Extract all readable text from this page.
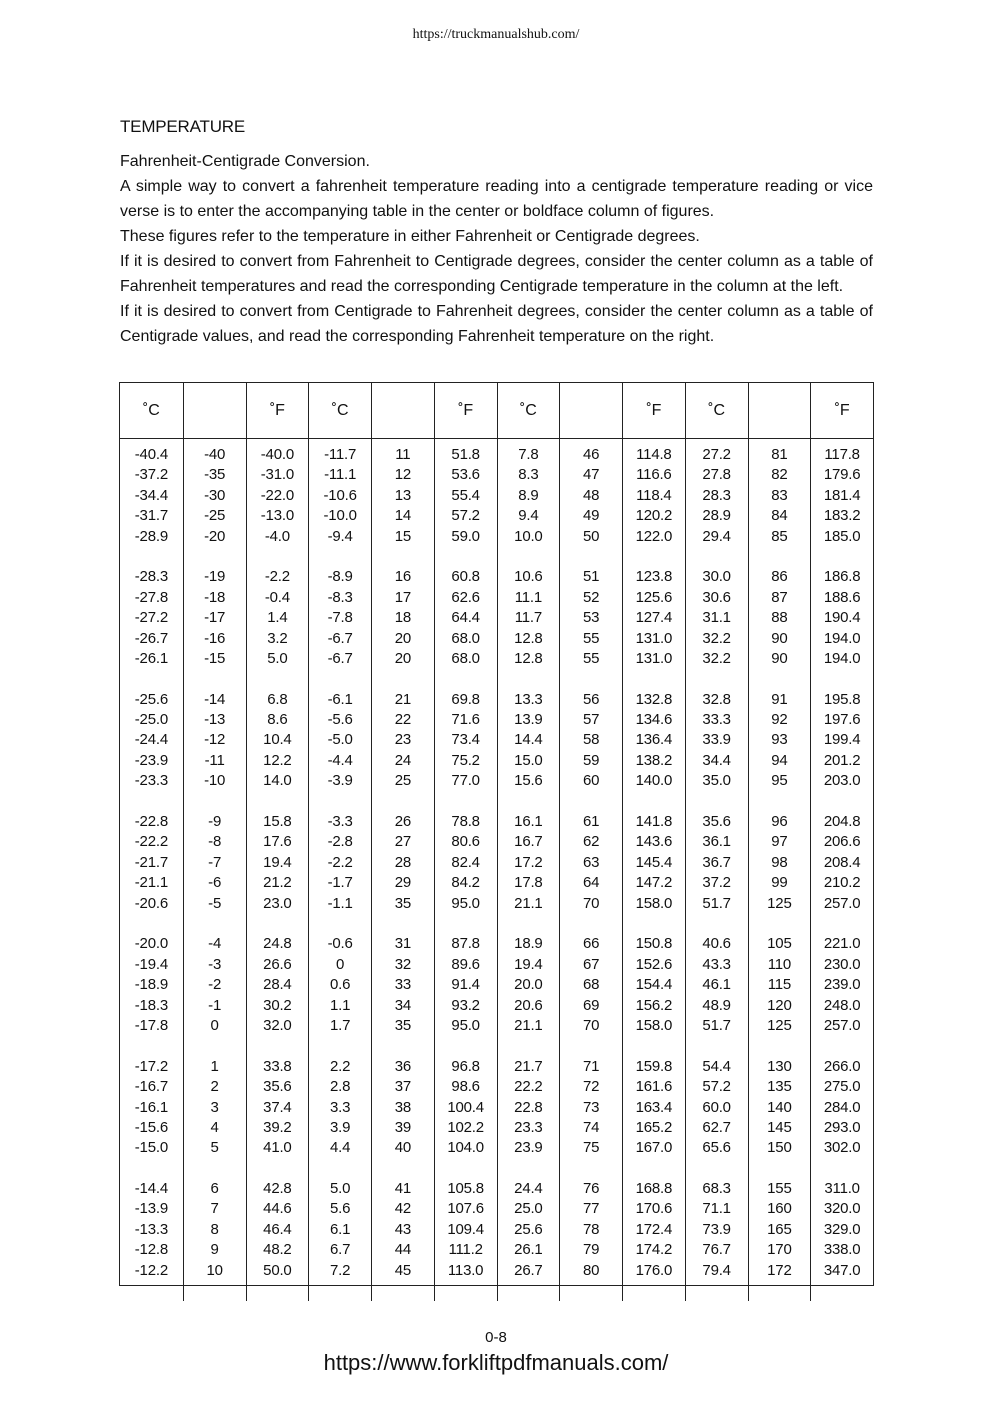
https://truckmanualshub.com/
TEMPERATURE

Fahrenheit-Centigrade Conversion.

A simple way to convert a fahrenheit temperature reading into a centigrade temperature reading or vice verse is to enter the accompanying table in the center or boldface column of figures.

These figures refer to the temperature in either Fahrenheit or Centigrade degrees.

If it is desired to convert from Fahrenheit to Centigrade degrees, consider the center column as a table of Fahrenheit temperatures and read the corresponding Centigrade temperature in the column at the left.

If it is desired to convert from Centigrade to Fahrenheit degrees, consider the center column as a table of Centigrade values, and read the corresponding Fahrenheit temperature on the right.

˚C
-40.4
-37.2
-34.4
-31.7
-28.9
-28.3
-27.8
-27.2
-26.7
-26.1
-25.6
-25.0
-24.4
-23.9
-23.3
-22.8
-22.2
-21.7
-21.1
-20.6
-20.0
-19.4
-18.9
-18.3
-17.8
-17.2
-16.7
-16.1
-15.6
-15.0
-14.4
-13.9
-13.3
-12.8
-12.2
-40
-35
-30
-25
-20
-19
-18
-17
-16
-15
-14
-13
-12
-11
-10
-9
-8
-7
-6
-5
-4
-3
-2
-1
0
1
2
3
4
5
6
7
8
9
10
˚F
-40.0
-31.0
-22.0
-13.0
-4.0
-2.2
-0.4
1.4
3.2
5.0
6.8
8.6
10.4
12.2
14.0
15.8
17.6
19.4
21.2
23.0
24.8
26.6
28.4
30.2
32.0
33.8
35.6
37.4
39.2
41.0
42.8
44.6
46.4
48.2
50.0
˚C
-11.7
-11.1
-10.6
-10.0
-9.4
-8.9
-8.3
-7.8
-6.7
-6.7
-6.1
-5.6
-5.0
-4.4
-3.9
-3.3
-2.8
-2.2
-1.7
-1.1
-0.6
0
0.6
1.1
1.7
2.2
2.8
3.3
3.9
4.4
5.0
5.6
6.1
6.7
7.2
11
12
13
14
15
16
17
18
20
20
21
22
23
24
25
26
27
28
29
35
31
32
33
34
35
36
37
38
39
40
41
42
43
44
45
˚F
51.8
53.6
55.4
57.2
59.0
60.8
62.6
64.4
68.0
68.0
69.8
71.6
73.4
75.2
77.0
78.8
80.6
82.4
84.2
95.0
87.8
89.6
91.4
93.2
95.0
96.8
98.6
100.4
102.2
104.0
105.8
107.6
109.4
111.2
113.0
˚C
7.8
8.3
8.9
9.4
10.0
10.6
11.1
11.7
12.8
12.8
13.3
13.9
14.4
15.0
15.6
16.1
16.7
17.2
17.8
21.1
18.9
19.4
20.0
20.6
21.1
21.7
22.2
22.8
23.3
23.9
24.4
25.0
25.6
26.1
26.7
46
47
48
49
50
51
52
53
55
55
56
57
58
59
60
61
62
63
64
70
66
67
68
69
70
71
72
73
74
75
76
77
78
79
80
˚F
114.8
116.6
118.4
120.2
122.0
123.8
125.6
127.4
131.0
131.0
132.8
134.6
136.4
138.2
140.0
141.8
143.6
145.4
147.2
158.0
150.8
152.6
154.4
156.2
158.0
159.8
161.6
163.4
165.2
167.0
168.8
170.6
172.4
174.2
176.0
˚C
27.2
27.8
28.3
28.9
29.4
30.0
30.6
31.1
32.2
32.2
32.8
33.3
33.9
34.4
35.0
35.6
36.1
36.7
37.2
51.7
40.6
43.3
46.1
48.9
51.7
54.4
57.2
60.0
62.7
65.6
68.3
71.1
73.9
76.7
79.4
81
82
83
84
85
86
87
88
90
90
91
92
93
94
95
96
97
98
99
125
105
110
115
120
125
130
135
140
145
150
155
160
165
170
172
˚F
117.8
179.6
181.4
183.2
185.0
186.8
188.6
190.4
194.0
194.0
195.8
197.6
199.4
201.2
203.0
204.8
206.6
208.4
210.2
257.0
221.0
230.0
239.0
248.0
257.0
266.0
275.0
284.0
293.0
302.0
311.0
320.0
329.0
338.0
347.0
0-8
https://www.forkliftpdfmanuals.com/
